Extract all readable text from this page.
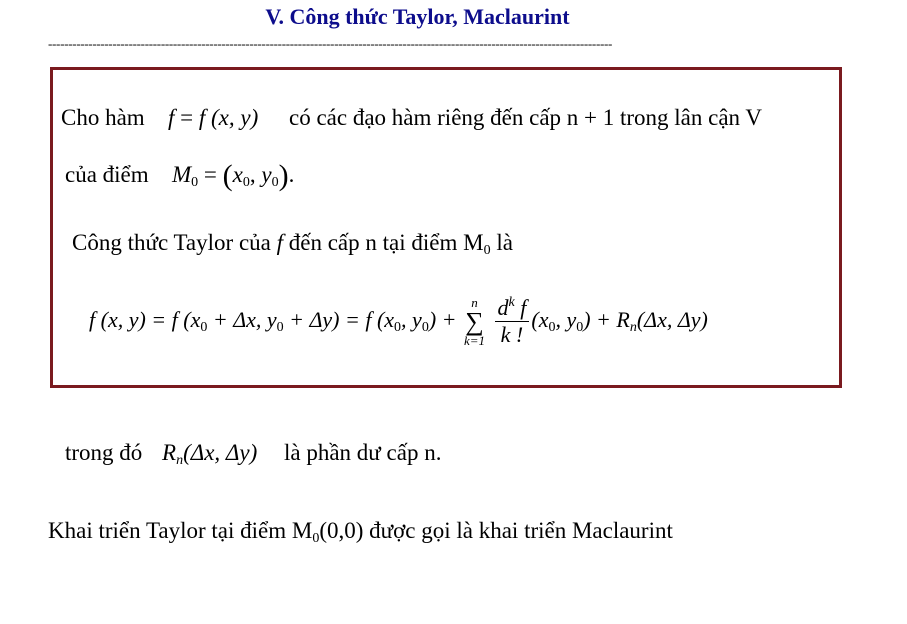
V. Công thức Taylor, Maclaurint
--------------------------------------------------------------------------------------------------------------------------------------------
Cho hàm f = f (x, y) có các đạo hàm riêng đến cấp n + 1 trong lân cận V
của điểm $M_0 = (x_0$, $y_0$).
Công thức Taylor của f đến cấp n tại điểm $M_0$ là
f (x, y) = f ($x_0 + \Delta x$, $y_0 + \Delta y) = f$ ($x_0$, $y_0$) +
n
∑
k=1
$\frac{d^k f}{k !} (x_0$, $y_0) + R_n(\Delta x$, Δy)
trong đó $R_n(\Delta x$, Δy) là phần dư cấp n.
Khai triển Taylor tại điểm $M_0(0,0)$ được gọi là khai triển Maclaurint
